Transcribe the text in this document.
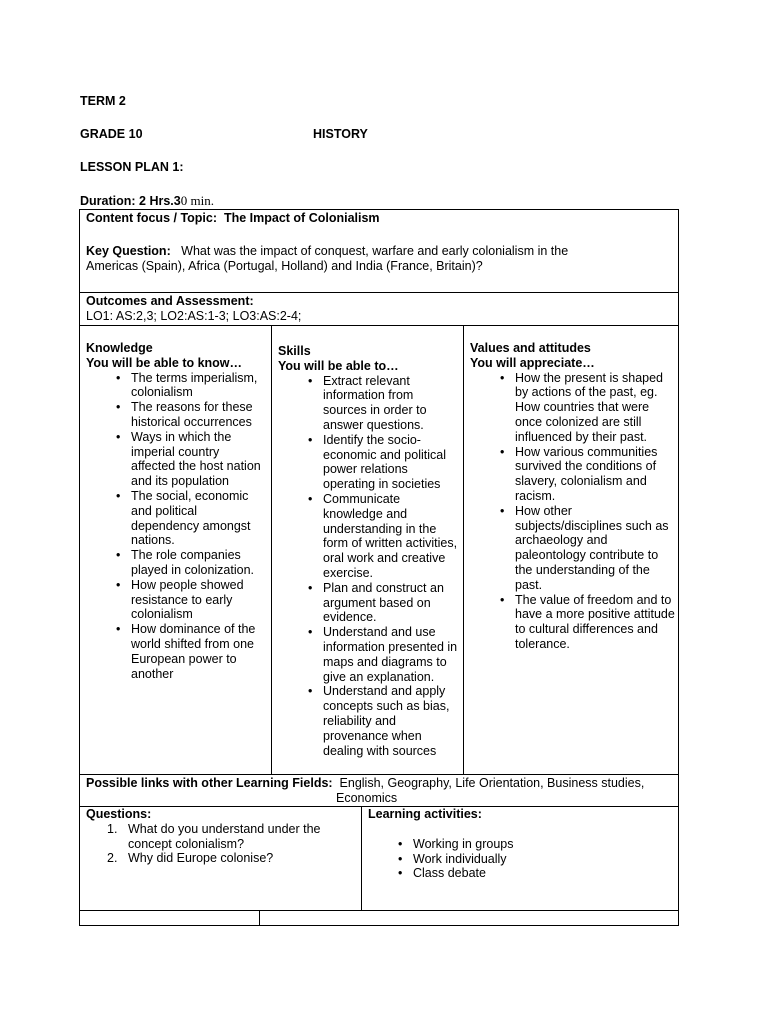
TERM 2
GRADE 10	HISTORY
LESSON PLAN 1:
Duration: 2 Hrs.30 min.
Content focus / Topic: The Impact of Colonialism
Key Question: What was the impact of conquest, warfare and early colonialism in the
Americas (Spain), Africa (Portugal, Holland) and India (France, Britain)?
Outcomes and Assessment:
LO1: AS:2,3; LO2:AS:1-3; LO3:AS:2-4;
Knowledge
You will be able to know…
• The terms imperialism, colonialism
• The reasons for these historical occurrences
• Ways in which the imperial country affected the host nation and its population
• The social, economic and political dependency amongst nations.
• The role companies played in colonization.
• How people showed resistance to early colonialism
• How dominance of the world shifted from one European power to another
Skills
You will be able to…
• Extract relevant information from sources in order to answer questions.
• Identify the socio-economic and political power relations operating in societies
• Communicate knowledge and understanding in the form of written activities, oral work and creative exercise.
• Plan and construct an argument based on evidence.
• Understand and use information presented in maps and diagrams to give an explanation.
• Understand and apply concepts such as bias, reliability and provenance when dealing with sources
Values and attitudes
You will appreciate…
• How the present is shaped by actions of the past, eg. How countries that were once colonized are still influenced by their past.
• How various communities survived the conditions of slavery, colonialism and racism.
• How other subjects/disciplines such as archaeology and paleontology contribute to the understanding of the past.
• The value of freedom and to have a more positive attitude to cultural differences and tolerance.
Possible links with other Learning Fields: English, Geography, Life Orientation, Business studies,
Economics
Questions:
1. What do you understand under the
concept colonialism?
2. Why did Europe colonise?
Learning activities:
• Working in groups
• Work individually
• Class debate
